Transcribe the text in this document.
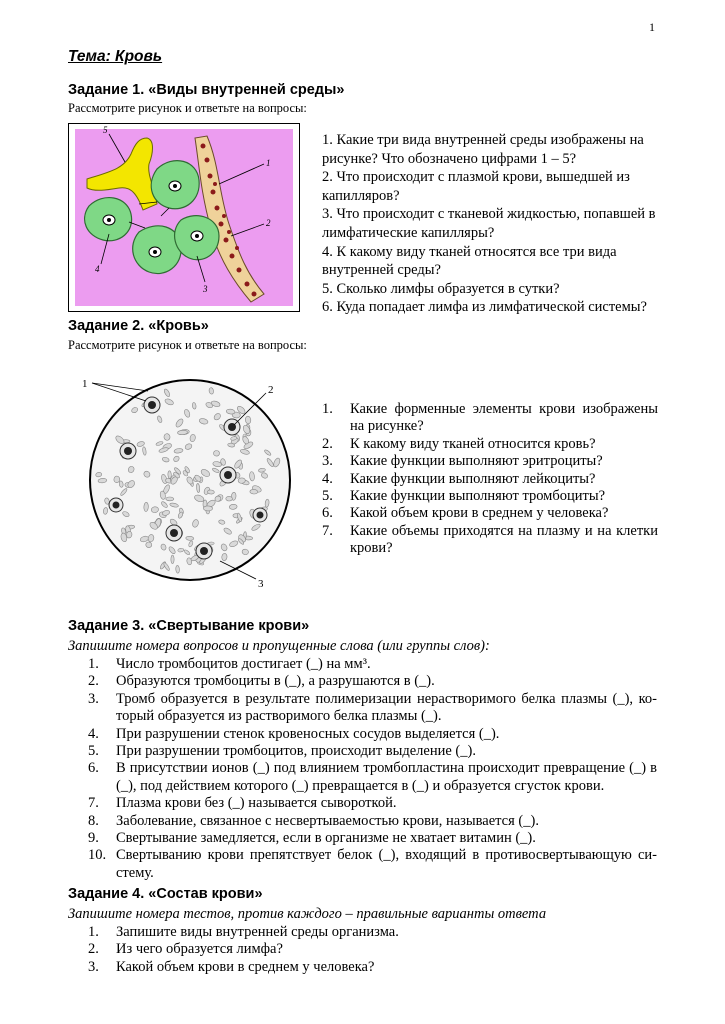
1
Тема: Кровь
Задание 1. «Виды внутренней среды»
Рассмотрите рисунок и ответьте на вопросы:
5
1
2
3
4
1. Какие три вида внутренней среды изображены на рисунке? Что обозначено цифрами 1 – 5?
2. Что происходит с плазмой крови, вышедшей из капилляров?
3. Что происходит с тканевой жидкостью, попавшей в лимфатические капилляры?
4. К какому виду тканей относятся все три вида внутренней среды?
5. Сколько лимфы образуется в сутки?
6. Куда попадает лимфа из лимфатической системы?
Задание 2. «Кровь»
Рассмотрите рисунок и ответьте на вопросы:
1	2
3
1.	Какие форменные элементы крови изображены на рисунке?
2.	К какому виду тканей относится кровь?
3.	Какие функции выполняют эритроциты?
4.	Какие функции выполняют лейкоциты?
5.	Какие функции выполняют тромбоциты?
6.	Какой объем крови в среднем у человека?
7.	Какие объемы приходятся на плазму и на клетки крови?
Задание 3. «Свертывание крови»
Запишите номера вопросов и пропущенные слова (или группы слов):
1.	Число тромбоцитов достигает (_) на мм³.
2.	Образуются тромбоциты в (_), а разрушаются в (_).
3.	Тромб образуется в результате полимеризации нерастворимого белка плазмы (_), ко-торый образуется из растворимого белка плазмы (_).
4.	При разрушении стенок кровеносных сосудов выделяется (_).
5.	При разрушении тромбоцитов, происходит выделение (_).
6.	В присутствии ионов (_) под влиянием тромбопластина происходит превращение (_) в (_), под действием которого (_) превращается в (_) и образуется сгусток крови.
7.	Плазма крови без (_) называется сывороткой.
8.	Заболевание, связанное с несвертываемостью крови, называется (_).
9.	Свертывание замедляется, если в организме не хватает витамин (_).
10. Свертыванию крови препятствует белок (_), входящий в противосвертывающую си-стему.
Задание 4. «Состав крови»
Запишите номера тестов, против каждого – правильные варианты ответа
1.	Запишите виды внутренней среды организма.
2.	Из чего образуется лимфа?
3.	Какой объем крови в среднем у человека?
